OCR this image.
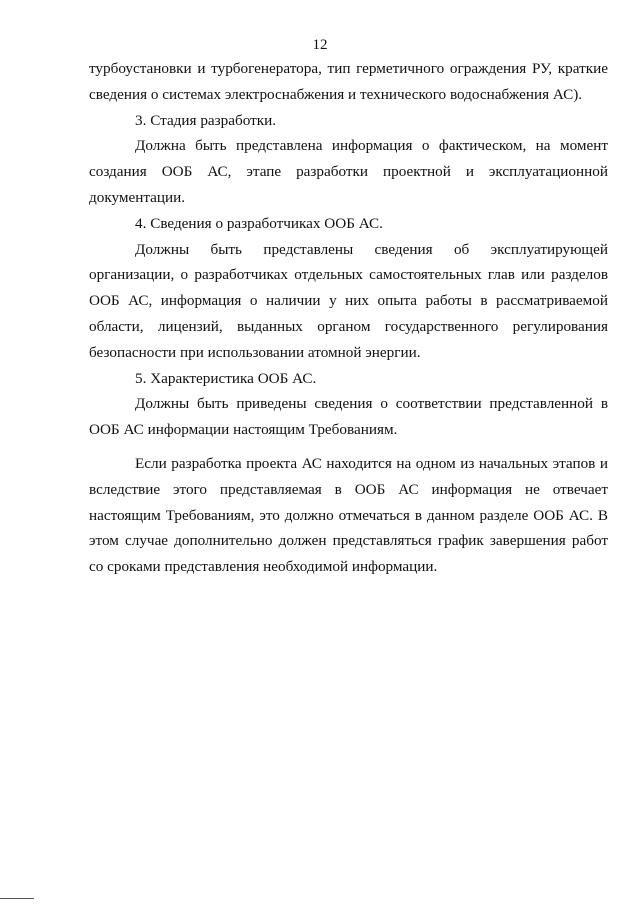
12

турбоустановки и турбогенератора, тип герметичного ограждения РУ, краткие сведения о системах электроснабжения и технического водоснабжения АС).

3. Стадия разработки.

Должна быть представлена информация о фактическом, на момент создания ООБ АС, этапе разработки проектной и эксплуатационной документации.

4. Сведения о разработчиках ООБ АС.

Должны быть представлены сведения об эксплуатирующей организации, о разработчиках отдельных самостоятельных глав или разделов ООБ АС, информация о наличии у них опыта работы в рассматриваемой области, лицензий, выданных органом государственного регулирования безопасности при использовании атомной энергии.

5. Характеристика ООБ АС.

Должны быть приведены сведения о соответствии представленной в ООБ АС информации настоящим Требованиям.

Если разработка проекта АС находится на одном из начальных этапов и вследствие этого представляемая в ООБ АС информация не отвечает настоящим Требованиям, это должно отмечаться в данном разделе ООБ АС. В этом случае дополнительно должен представляться график завершения работ со сроками представления необходимой информации.
